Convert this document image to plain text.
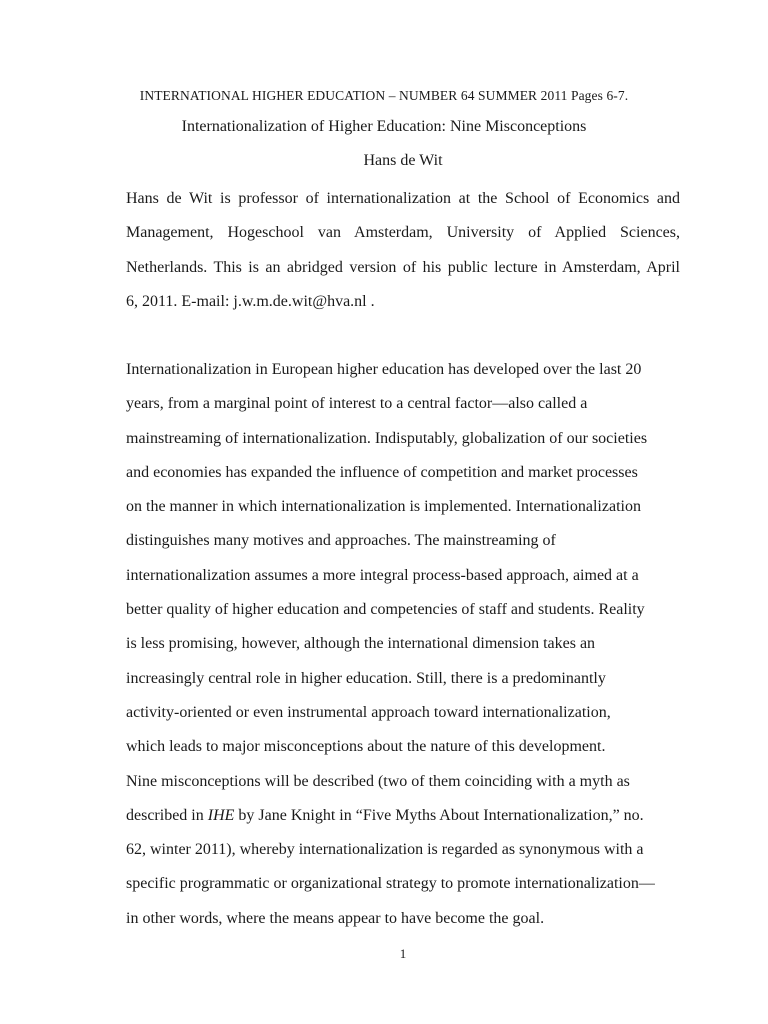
INTERNATIONAL HIGHER EDUCATION – NUMBER 64 SUMMER 2011 Pages 6-7.
Internationalization of Higher Education: Nine Misconceptions
Hans de Wit
Hans de Wit is professor of internationalization at the School of Economics and
Management, Hogeschool van Amsterdam, University of Applied Sciences,
Netherlands. This is an abridged version of his public lecture in Amsterdam, April
6, 2011. E-mail: j.w.m.de.wit@hva.nl .
Internationalization in European higher education has developed over the last 20
years, from a marginal point of interest to a central factor—also called a
mainstreaming of internationalization. Indisputably, globalization of our societies
and economies has expanded the influence of competition and market processes
on the manner in which internationalization is implemented. Internationalization
distinguishes many motives and approaches. The mainstreaming of
internationalization assumes a more integral process-based approach, aimed at a
better quality of higher education and competencies of staff and students. Reality
is less promising, however, although the international dimension takes an
increasingly central role in higher education. Still, there is a predominantly
activity-oriented or even instrumental approach toward internationalization,
which leads to major misconceptions about the nature of this development.
Nine misconceptions will be described (two of them coinciding with a myth as
described in IHE by Jane Knight in “Five Myths About Internationalization,” no.
62, winter 2011), whereby internationalization is regarded as synonymous with a
specific programmatic or organizational strategy to promote internationalization—
in other words, where the means appear to have become the goal.
1
